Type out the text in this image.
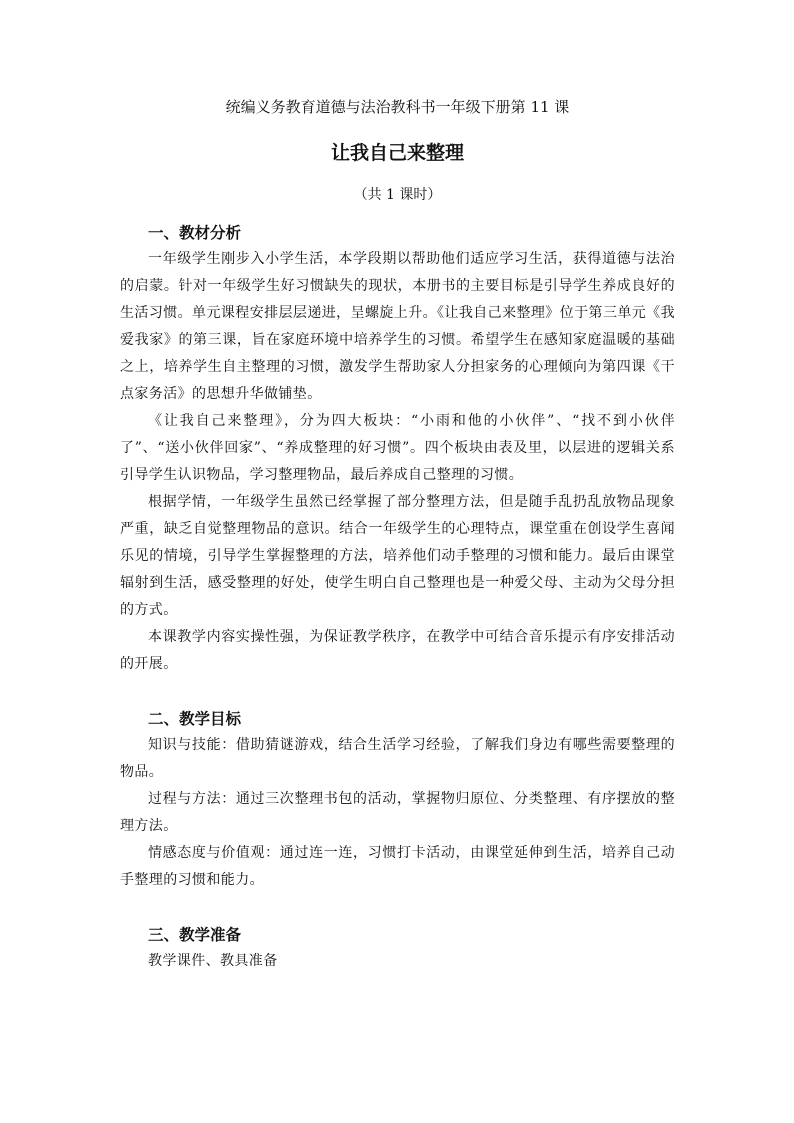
统编义务教育道德与法治教科书一年级下册第 11 课

让我自己来整理

（共 1 课时）

一、教材分析

一年级学生刚步入小学生活，本学段期以帮助他们适应学习生活，获得道德与法治的启蒙。针对一年级学生好习惯缺失的现状，本册书的主要目标是引导学生养成良好的生活习惯。单元课程安排层层递进，呈螺旋上升。《让我自己来整理》位于第三单元《我爱我家》的第三课，旨在家庭环境中培养学生的习惯。希望学生在感知家庭温暖的基础之上，培养学生自主整理的习惯，激发学生帮助家人分担家务的心理倾向为第四课《干点家务活》的思想升华做铺垫。

《让我自己来整理》，分为四大板块：“小雨和他的小伙伴”、“找不到小伙伴了”、“送小伙伴回家”、“养成整理的好习惯”。四个板块由表及里，以层进的逻辑关系引导学生认识物品，学习整理物品，最后养成自己整理的习惯。

根据学情，一年级学生虽然已经掌握了部分整理方法，但是随手乱扔乱放物品现象严重，缺乏自觉整理物品的意识。结合一年级学生的心理特点，课堂重在创设学生喜闻乐见的情境，引导学生掌握整理的方法，培养他们动手整理的习惯和能力。最后由课堂辐射到生活，感受整理的好处，使学生明白自己整理也是一种爱父母、主动为父母分担的方式。

本课教学内容实操性强，为保证教学秩序，在教学中可结合音乐提示有序安排活动的开展。

二、教学目标

知识与技能：借助猜谜游戏，结合生活学习经验，了解我们身边有哪些需要整理的物品。

过程与方法：通过三次整理书包的活动，掌握物归原位、分类整理、有序摆放的整理方法。

情感态度与价值观：通过连一连，习惯打卡活动，由课堂延伸到生活，培养自己动手整理的习惯和能力。

三、教学准备

教学课件、教具准备
